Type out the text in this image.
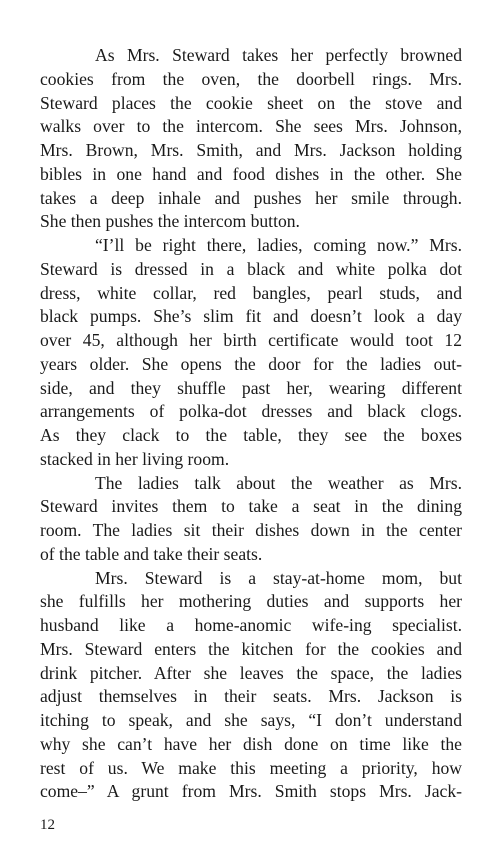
As Mrs. Steward takes her perfectly browned
cookies from the oven, the doorbell rings. Mrs.
Steward places the cookie sheet on the stove and
walks over to the intercom. She sees Mrs. Johnson,
Mrs. Brown, Mrs. Smith, and Mrs. Jackson holding
bibles in one hand and food dishes in the other. She
takes a deep inhale and pushes her smile through.
She then pushes the intercom button.
“I’ll be right there, ladies, coming now.” Mrs.
Steward is dressed in a black and white polka dot
dress, white collar, red bangles, pearl studs, and
black pumps. She’s slim fit and doesn’t look a day
over 45, although her birth certificate would toot 12
years older. She opens the door for the ladies out-
side, and they shuffle past her, wearing different
arrangements of polka-dot dresses and black clogs.
As they clack to the table, they see the boxes
stacked in her living room.
The ladies talk about the weather as Mrs.
Steward invites them to take a seat in the dining
room. The ladies sit their dishes down in the center
of the table and take their seats.
Mrs. Steward is a stay-at-home mom, but
she fulfills her mothering duties and supports her
husband like a home-anomic wife-ing specialist.
Mrs. Steward enters the kitchen for the cookies and
drink pitcher. After she leaves the space, the ladies
adjust themselves in their seats. Mrs. Jackson is
itching to speak, and she says, “I don’t understand
why she can’t have her dish done on time like the
rest of us. We make this meeting a priority, how
come–” A grunt from Mrs. Smith stops Mrs. Jack-
12
